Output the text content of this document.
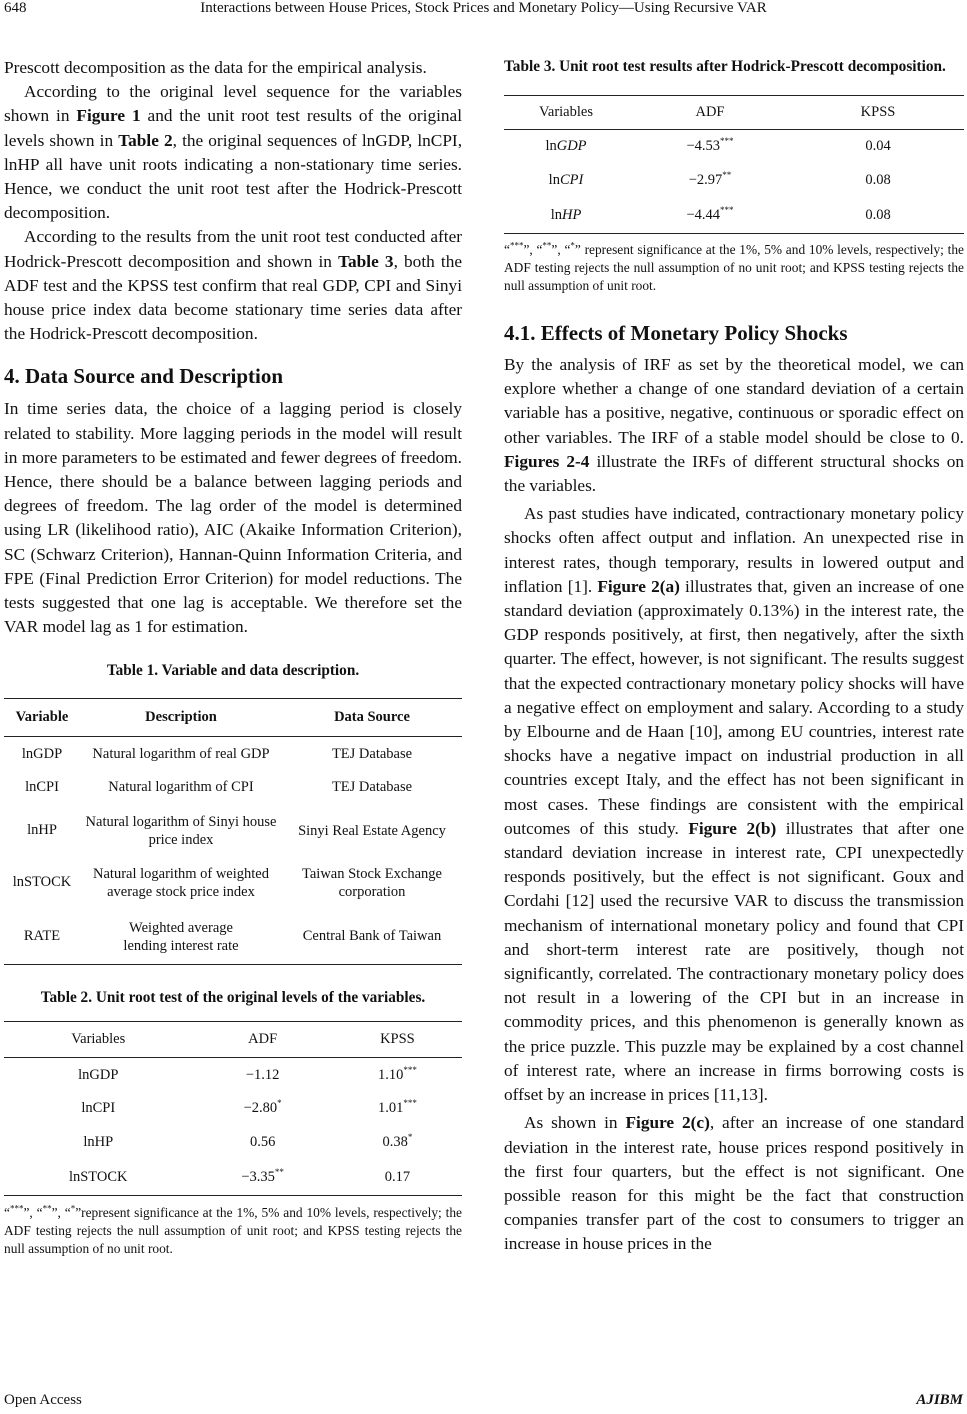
648	Interactions between House Prices, Stock Prices and Monetary Policy—Using Recursive VAR

Prescott decomposition as the data for the empirical analysis.

According to the original level sequence for the variables shown in Figure 1 and the unit root test results of the original levels shown in Table 2, the original sequences of lnGDP, lnCPI, lnHP all have unit roots indicating a non-stationary time series. Hence, we conduct the unit root test after the Hodrick-Prescott decomposition.

According to the results from the unit root test conducted after Hodrick-Prescott decomposition and shown in Table 3, both the ADF test and the KPSS test confirm that real GDP, CPI and Sinyi house price index data become stationary time series data after the Hodrick-Prescott decomposition.

4. Data Source and Description

In time series data, the choice of a lagging period is closely related to stability. More lagging periods in the model will result in more parameters to be estimated and fewer degrees of freedom. Hence, there should be a balance between lagging periods and degrees of freedom. The lag order of the model is determined using LR (likelihood ratio), AIC (Akaike Information Criterion), SC (Schwarz Criterion), Hannan-Quinn Information Criteria, and FPE (Final Prediction Error Criterion) for model reductions. The tests suggested that one lag is acceptable. We therefore set the VAR model lag as 1 for estimation.

Table 1. Variable and data description.
Variable	Description	Data Source
lnGDP	Natural logarithm of real GDP	TEJ Database
lnCPI	Natural logarithm of CPI	TEJ Database
lnHP	Natural logarithm of Sinyi house price index	Sinyi Real Estate Agency
lnSTOCK	Natural logarithm of weighted average stock price index	Taiwan Stock Exchange corporation
RATE	Weighted average lending interest rate	Central Bank of Taiwan
Table 2. Unit root test of the original levels of the variables.
Variables	ADF	KPSS
lnGDP	−1.12	1.10***
lnCPI	−2.80*	1.01***
lnHP	0.56	0.38*
lnSTOCK	−3.35**	0.17

“***”, “**”, “*”represent significance at the 1%, 5% and 10% levels, respectively; the ADF testing rejects the null assumption of unit root; and KPSS testing rejects the null assumption of no unit root.

Table 3. Unit root test results after Hodrick-Prescott decomposition.
Variables	ADF	KPSS
lnGDP	−4.53***	0.04
lnCPI	−2.97**	0.08
lnHP	−4.44***	0.08

“***”, “**”, “*” represent significance at the 1%, 5% and 10% levels, respectively; the ADF testing rejects the null assumption of no unit root; and KPSS testing rejects the null assumption of unit root.

4.1. Effects of Monetary Policy Shocks

By the analysis of IRF as set by the theoretical model, we can explore whether a change of one standard deviation of a certain variable has a positive, negative, continuous or sporadic effect on other variables. The IRF of a stable model should be close to 0. Figures 2-4 illustrate the IRFs of different structural shocks on the variables.

As past studies have indicated, contractionary monetary policy shocks often affect output and inflation. An unexpected rise in interest rates, though temporary, results in lowered output and inflation [1]. Figure 2(a) illustrates that, given an increase of one standard deviation (approximately 0.13%) in the interest rate, the GDP responds positively, at first, then negatively, after the sixth quarter. The effect, however, is not significant. The results suggest that the expected contractionary monetary policy shocks will have a negative effect on employment and salary. According to a study by Elbourne and de Haan [10], among EU countries, interest rate shocks have a negative impact on industrial production in all countries except Italy, and the effect has not been significant in most cases. These findings are consistent with the empirical outcomes of this study. Figure 2(b) illustrates that after one standard deviation increase in interest rate, CPI unexpectedly responds positively, but the effect is not significant. Goux and Cordahi [12] used the recursive VAR to discuss the transmission mechanism of international monetary policy and found that CPI and short-term interest rate are positively, though not significantly, correlated. The contractionary monetary policy does not result in a lowering of the CPI but in an increase in commodity prices, and this phenomenon is generally known as the price puzzle. This puzzle may be explained by a cost channel of interest rate, where an increase in firms borrowing costs is offset by an increase in prices [11,13].

As shown in Figure 2(c), after an increase of one standard deviation in the interest rate, house prices respond positively in the first four quarters, but the effect is not significant. One possible reason for this might be the fact that construction companies transfer part of the cost to consumers to trigger an increase in house prices in the

Open Access	AJIBM
